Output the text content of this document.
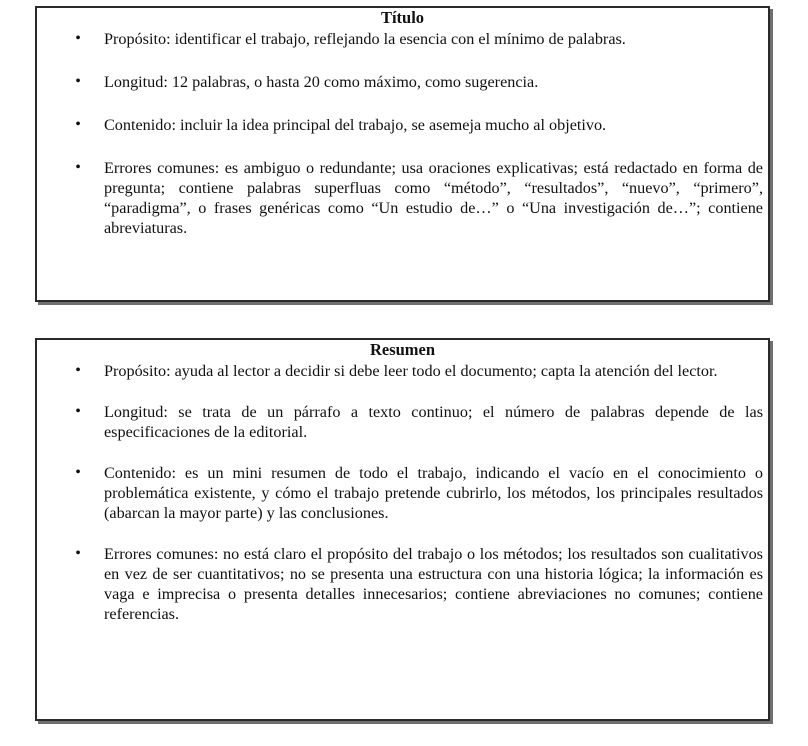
Título
• Propósito: identificar el trabajo, reflejando la esencia con el mínimo de palabras.
• Longitud: 12 palabras, o hasta 20 como máximo, como sugerencia.
• Contenido: incluir la idea principal del trabajo, se asemeja mucho al objetivo.
• Errores comunes: es ambiguo o redundante; usa oraciones explicativas; está redactado en forma de pregunta; contiene palabras superfluas como “método”, “resultados”, “nuevo”, “primero”, “paradigma”, o frases genéricas como “Un estudio de…” o “Una investigación de…”; contiene abreviaturas.
Resumen
• Propósito: ayuda al lector a decidir si debe leer todo el documento; capta la atención del lector.
• Longitud: se trata de un párrafo a texto continuo; el número de palabras depende de las especificaciones de la editorial.
• Contenido: es un mini resumen de todo el trabajo, indicando el vacío en el conocimiento o problemática existente, y cómo el trabajo pretende cubrirlo, los métodos, los principales resultados (abarcan la mayor parte) y las conclusiones.
• Errores comunes: no está claro el propósito del trabajo o los métodos; los resultados son cualitativos en vez de ser cuantitativos; no se presenta una estructura con una historia lógica; la información es vaga e imprecisa o presenta detalles innecesarios; contiene abreviaciones no comunes; contiene referencias.
